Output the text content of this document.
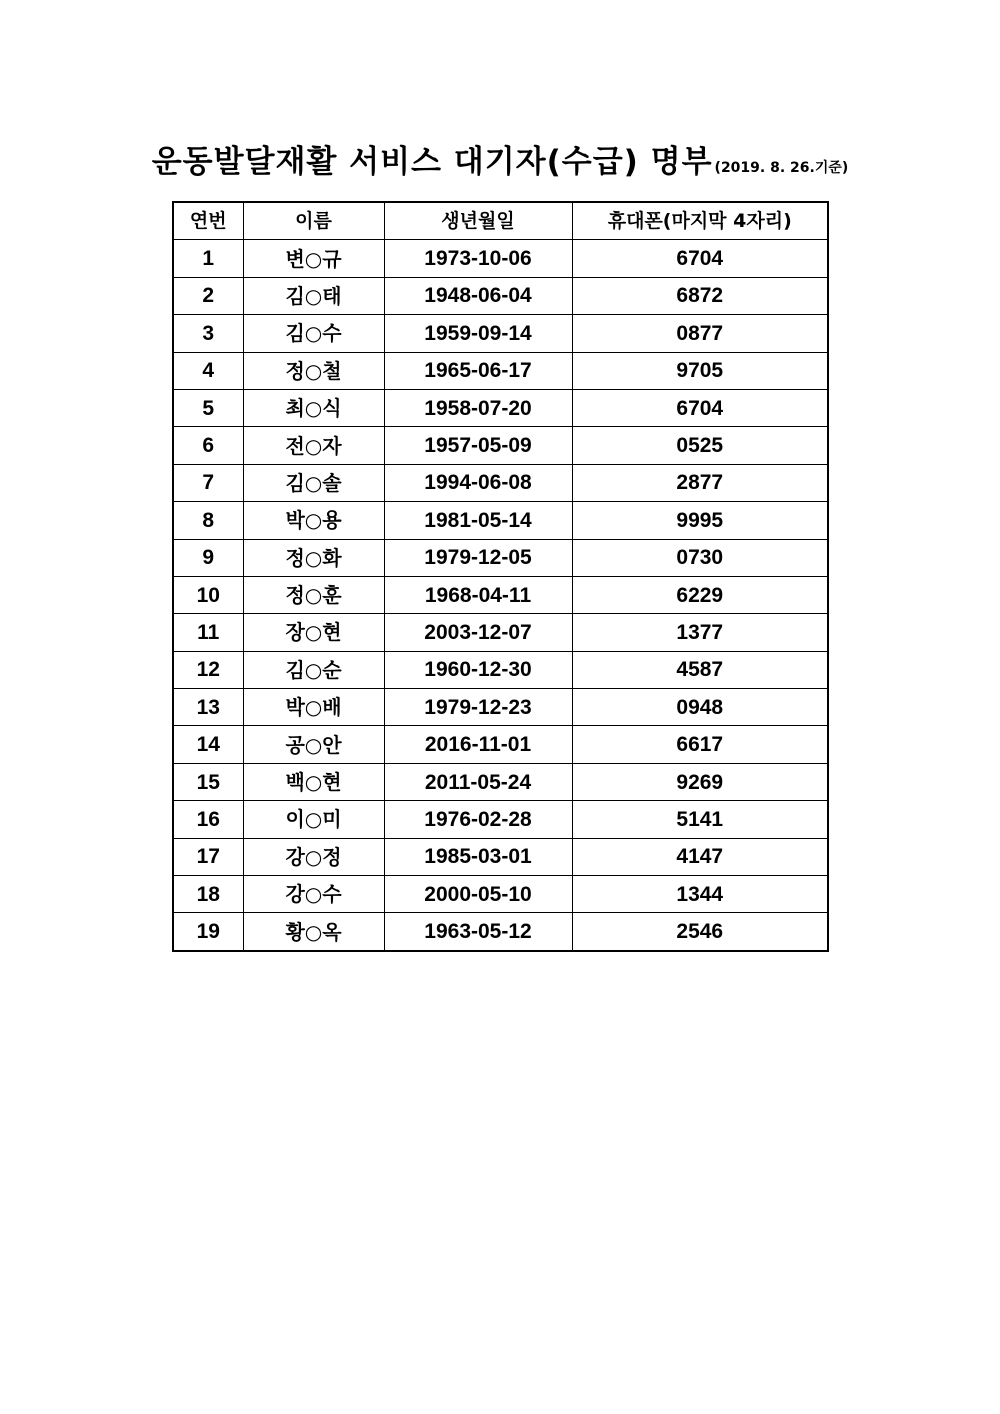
운동발달재활 서비스 대기자(수급) 명부 (2019. 8. 26.기준)
연번	이름	생년월일	휴대폰(마지막 4자리)
1	변○규	1973-10-06	6704
2	김○태	1948-06-04	6872
3	김○수	1959-09-14	0877
4	정○철	1965-06-17	9705
5	최○식	1958-07-20	6704
6	전○자	1957-05-09	0525
7	김○솔	1994-06-08	2877
8	박○용	1981-05-14	9995
9	정○화	1979-12-05	0730
10	정○훈	1968-04-11	6229
11	장○현	2003-12-07	1377
12	김○순	1960-12-30	4587
13	박○배	1979-12-23	0948
14	공○안	2016-11-01	6617
15	백○현	2011-05-24	9269
16	이○미	1976-02-28	5141
17	강○정	1985-03-01	4147
18	강○수	2000-05-10	1344
19	황○옥	1963-05-12	2546
